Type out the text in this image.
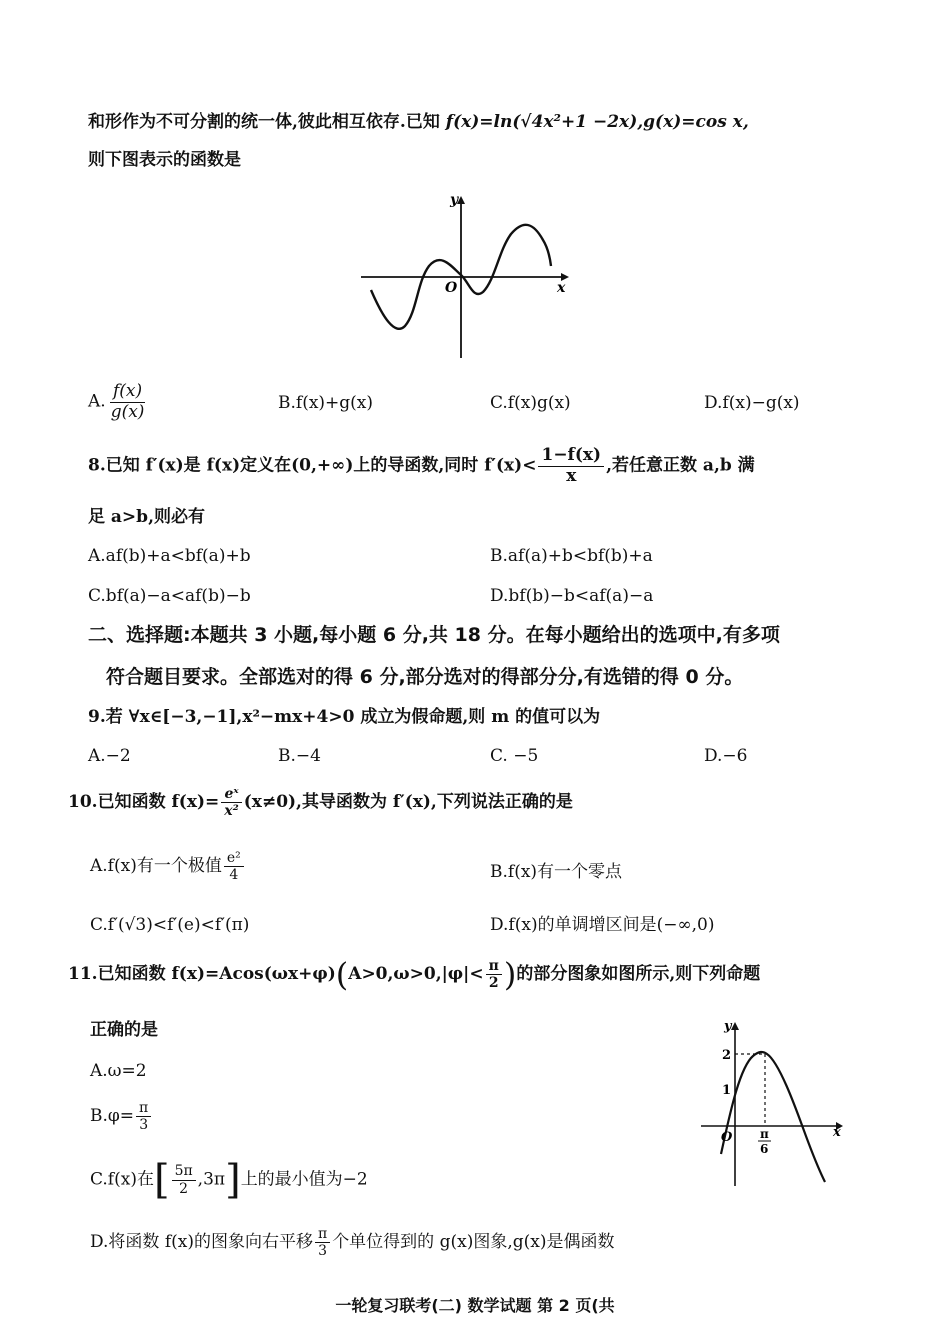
和形作为不可分割的统一体,彼此相互依存.已知 f(x)=ln(√4x²+1 −2x),g(x)=cos x,
则下图表示的函数是
y
x
O
A. $\frac{f(x)}{g(x)}$	B.f(x)+g(x)	C.f(x)g(x)	D.f(x)−g(x)
8.已知 f′(x)是 f(x)定义在(0,+∞)上的导函数,同时 $f'(x)< \frac{1-f(x)}{x}$ ,若任意正数 a,b 满
足 a>b,则必有
A.af(b)+a<bf(a)+b	B.af(a)+b<bf(b)+a
C.bf(a)−a<af(b)−b	D.bf(b)−b<af(a)−a
二、选择题:本题共 3 小题,每小题 6 分,共 18 分。在每小题给出的选项中,有多项
符合题目要求。全部选对的得 6 分,部分选对的得部分分,有选错的得 0 分。
9.若 ∀x∈[−3,−1],x²−mx+4>0 成立为假命题,则 m 的值可以为
A.−2	B.−4	C. −5	D.−6
10.已知函数 $f(x)= \frac{\text{eˣ}}{\text{x²}} (x\ne 0)$,其导函数为 f′(x),下列说法正确的是
A.f(x)有一个极值 $\frac{\text{e²}}{4}$	B.f(x)有一个零点
C.f′(√3)<f′(e)<f′(π)	D.f(x)的单调增区间是(−∞,0)
11.已知函数 $f(x)=Acos(\omega x+\varphi)(A>0,\omega>0,|\varphi|< \frac{\pi}{2}$ )的部分图象如图所示,则下列命题
正确的是
A.ω=2
$B.\varphi= \frac{\pi}{3}$
C.f(x)在[ $\frac{5\pi}{2} ,3\pi$]上的最小值为−2
D.将函数 f(x)的图象向右平移 $\frac{\pi}{3}$ 个单位得到的 g(x)图象,g(x)是偶函数
y
x
O
2
1
π
6
一轮复习联考(二) 数学试题 第 2 页(共
